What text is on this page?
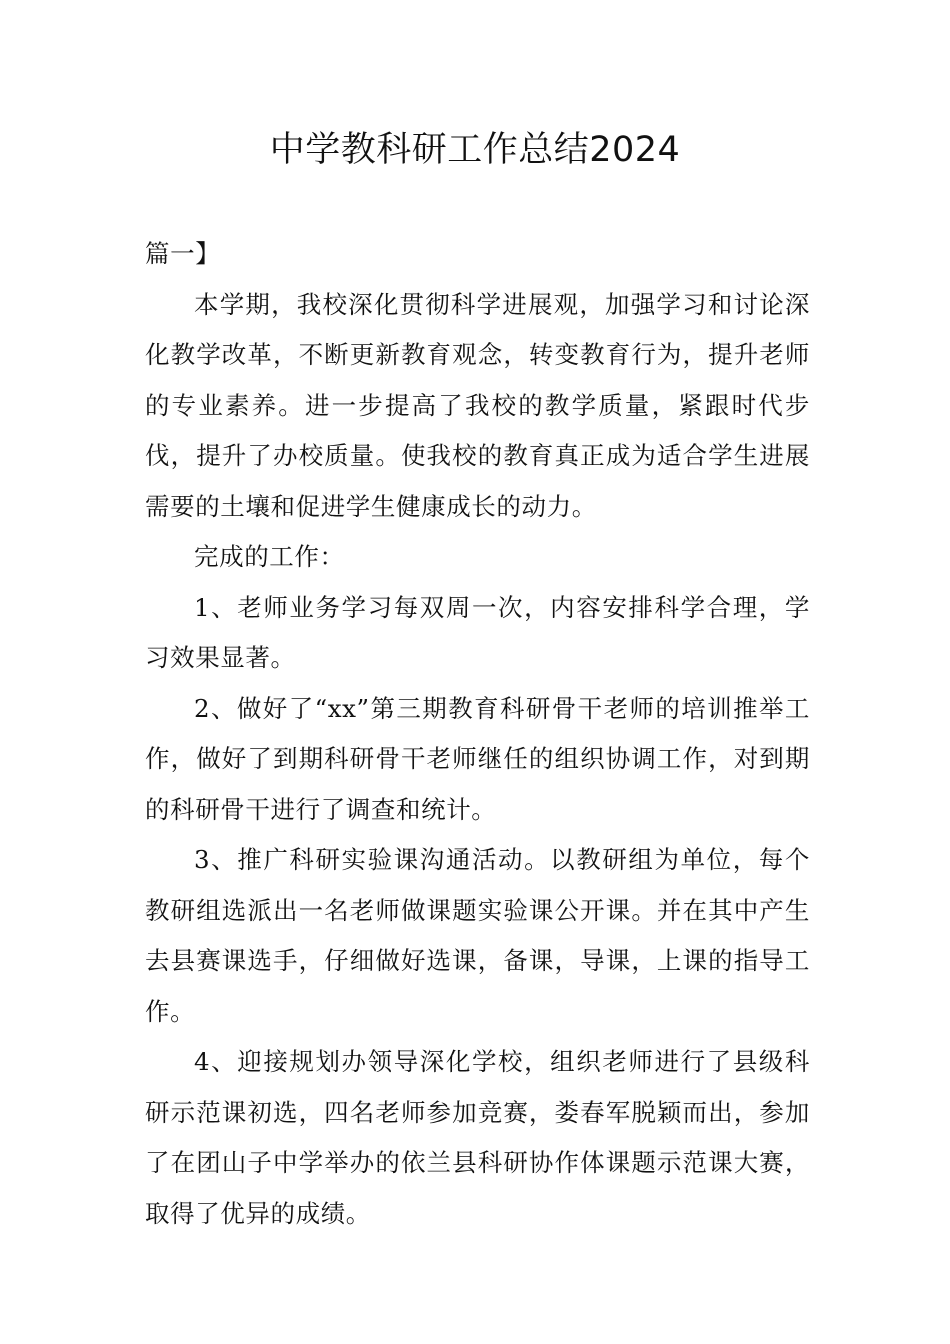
中学教科研工作总结2024

篇一】

本学期，我校深化贯彻科学进展观，加强学习和讨论深化教学改革，不断更新教育观念，转变教育行为，提升老师的专业素养。进一步提高了我校的教学质量，紧跟时代步伐，提升了办校质量。使我校的教育真正成为适合学生进展需要的土壤和促进学生健康成长的动力。

完成的工作：

1、老师业务学习每双周一次，内容安排科学合理，学习效果显著。

2、做好了“xx”第三期教育科研骨干老师的培训推举工作，做好了到期科研骨干老师继任的组织协调工作，对到期的科研骨干进行了调查和统计。

3、推广科研实验课沟通活动。以教研组为单位，每个教研组选派出一名老师做课题实验课公开课。并在其中产生去县赛课选手，仔细做好选课，备课，导课，上课的指导工作。

4、迎接规划办领导深化学校，组织老师进行了县级科研示范课初选，四名老师参加竞赛，娄春军脱颖而出，参加了在团山子中学举办的依兰县科研协作体课题示范课大赛，取得了优异的成绩。
